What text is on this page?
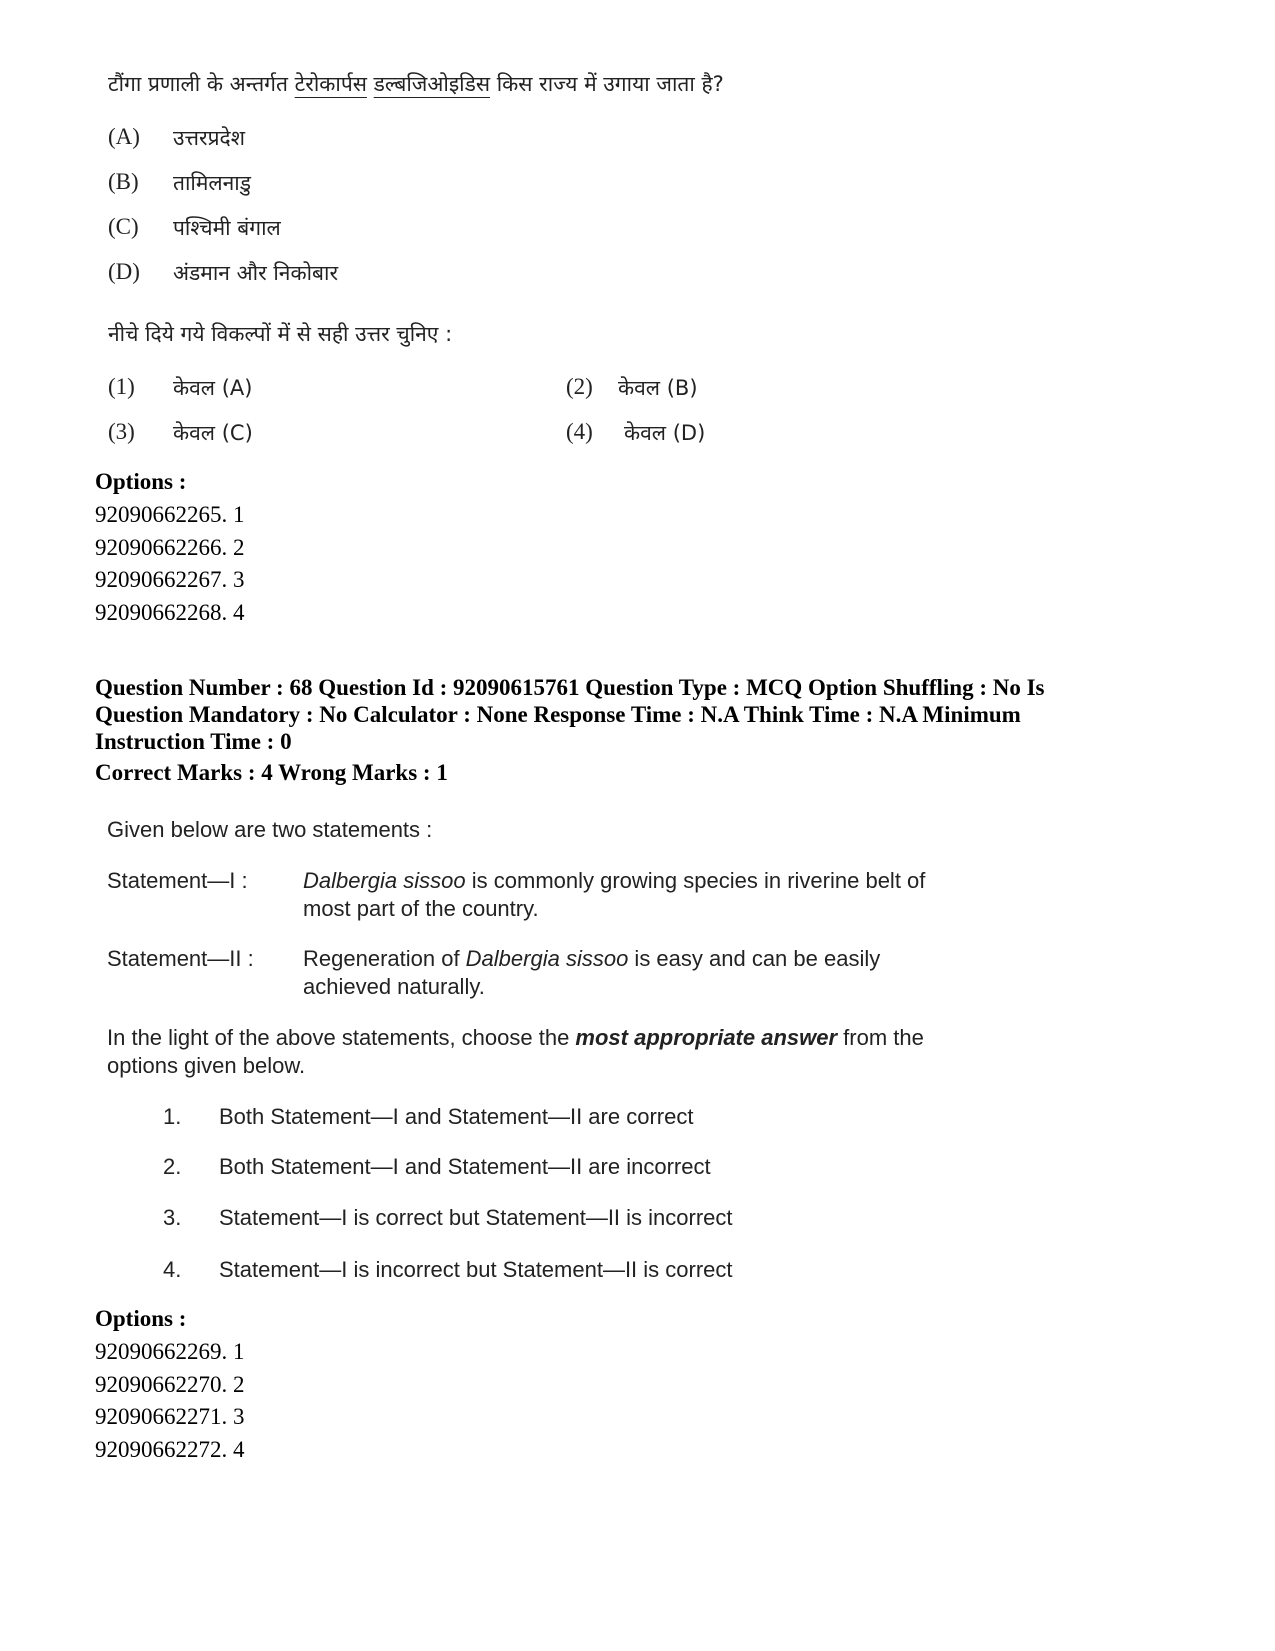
टौंगा प्रणाली के अन्तर्गत टेरोकार्पस डल्बजिओइडिस किस राज्य में उगाया जाता है?
(A) उत्तरप्रदेश
(B) तामिलनाडु
(C) पश्चिमी बंगाल
(D) अंडमान और निकोबार
नीचे दिये गये विकल्पों में से सही उत्तर चुनिए :
(1) केवल (A)	(2) केवल (B)
(3) केवल (C)	(4) केवल (D)
Options :
92090662265. 1
92090662266. 2
92090662267. 3
92090662268. 4
Question Number : 68 Question Id : 92090615761 Question Type : MCQ Option Shuffling : No Is
Question Mandatory : No Calculator : None Response Time : N.A Think Time : N.A Minimum
Instruction Time : 0
Correct Marks : 4 Wrong Marks : 1
Given below are two statements :
Statement—I :	Dalbergia sissoo is commonly growing species in riverine belt of most part of the country.
Statement—II : Regeneration of Dalbergia sissoo is easy and can be easily achieved naturally.
In the light of the above statements, choose the most appropriate answer from the options given below.
1. Both Statement—I and Statement—II are correct
2. Both Statement—I and Statement—II are incorrect
3. Statement—I is correct but Statement—II is incorrect
4. Statement—I is incorrect but Statement—II is correct
Options :
92090662269. 1
92090662270. 2
92090662271. 3
92090662272. 4
